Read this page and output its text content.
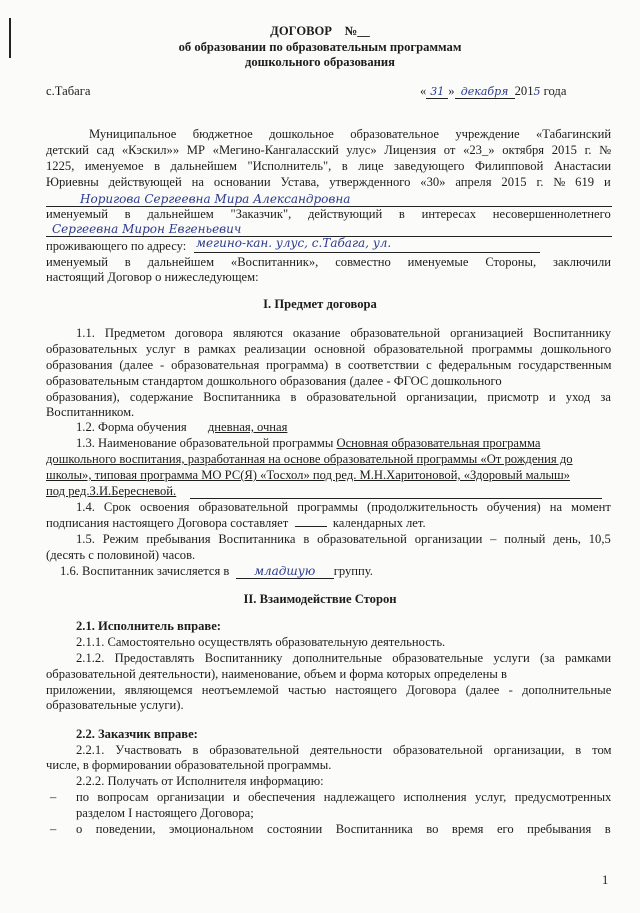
ДОГОВОР №__
об образовании по образовательным программам
дошкольного образования
с.Табага	« 31 » декабря 2015 года
Муниципальное бюджетное дошкольное образовательное учреждение «Табагинский
детский сад «Кэскил»» МР «Мегино-Кангаласский улус» Лицензия от «23_» октября 2015 г. №
1225, именуемое в дальнейшем "Исполнитель", в лице заведующего Филипповой Анастасии
Юриевны действующей на основании Устава, утвержденного «30» апреля 2015 г. № 619 и
Норигова Сергеевна Мира Александровна
именуемый в дальнейшем "Заказчик", действующий в интересах несовершеннолетнего
Сергеевна Мирон Евгеньевич
проживающего по адресу: мегино-кан. улус, с.Табага, ул.
именуемый в дальнейшем «Воспитанник», совместно именуемые Стороны, заключили
настоящий Договор о нижеследующем:
I. Предмет договора
1.1. Предметом договора являются оказание образовательной организацией Воспитаннику
образовательных услуг в рамках реализации основной образовательной программы дошкольного
образования (далее - образовательная программа) в соответствии с федеральным государственным
образовательным стандартом дошкольного образования (далее - ФГОС дошкольного
образования), содержание Воспитанника в образовательной организации, присмотр и уход за
Воспитанником.
1.2. Форма обучения дневная, очная
1.3. Наименование образовательной программы Основная образовательная программа
дошкольного воспитания, разработанная на основе образовательной программы «От рождения до
школы», типовая программа МО РС(Я) «Тосхол» под ред. М.Н.Харитоновой, «Здоровый малыш»
под ред.З.И.Бересневой.
1.4. Срок освоения образовательной программы (продолжительность обучения) на момент
подписания настоящего Договора составляет	календарных лет.
1.5. Режим пребывания Воспитанника в образовательной организации – полный день, 10,5
(десять с половиной) часов.
1.6. Воспитанник зачисляется в младшую группу.
II. Взаимодействие Сторон
2.1. Исполнитель вправе:
2.1.1. Самостоятельно осуществлять образовательную деятельность.
2.1.2. Предоставлять Воспитаннику дополнительные образовательные услуги (за рамками
образовательной деятельности), наименование, объем и форма которых определены в
приложении, являющемся неотъемлемой частью настоящего Договора (далее - дополнительные
образовательные услуги).
2.2. Заказчик вправе:
2.2.1. Участвовать в образовательной деятельности образовательной организации, в том
числе, в формировании образовательной программы.
2.2.2. Получать от Исполнителя информацию:
– по вопросам организации и обеспечения надлежащего исполнения услуг, предусмотренных
разделом I настоящего Договора;
– о поведении, эмоциональном состоянии Воспитанника во время его пребывания в
1
